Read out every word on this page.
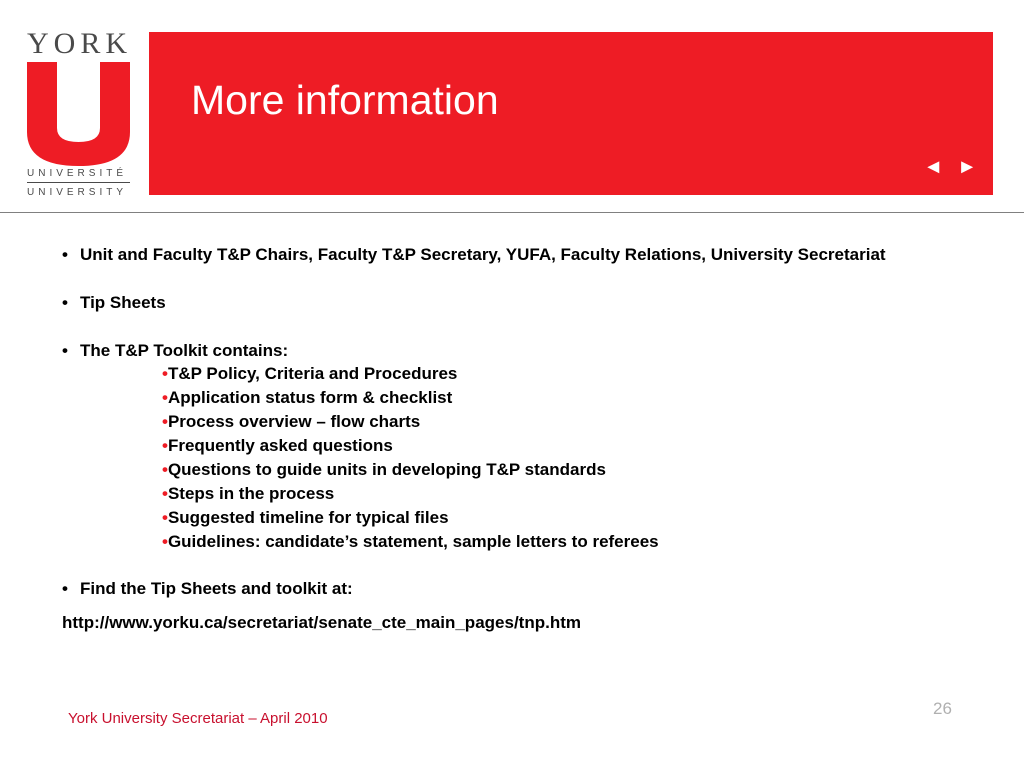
YORK
UNIVERSITÉ
UNIVERSITY
More information
◄ ►
• Unit and Faculty T&P Chairs, Faculty T&P Secretary, YUFA, Faculty Relations, University Secretariat
• Tip Sheets
• The T&P Toolkit contains:
•T&P Policy, Criteria and Procedures
•Application status form & checklist
•Process overview – flow charts
•Frequently asked questions
•Questions to guide units in developing T&P standards
•Steps in the process
•Suggested timeline for typical files
•Guidelines: candidate’s statement, sample letters to referees
• Find the Tip Sheets and toolkit at:
http://www.yorku.ca/secretariat/senate_cte_main_pages/tnp.htm
York University Secretariat – April 2010
26
